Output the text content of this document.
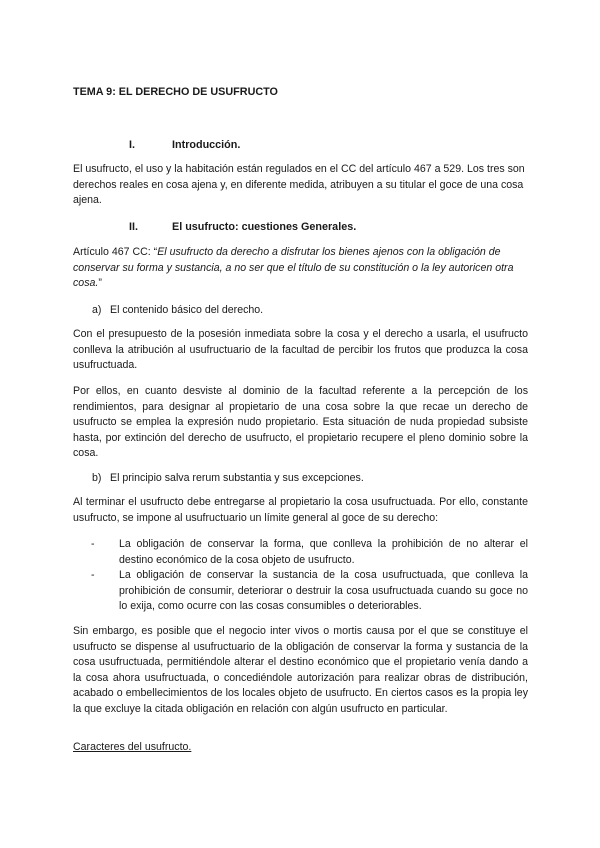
TEMA 9: EL DERECHO DE USUFRUCTO

I.	Introducción.

El usufructo, el uso y la habitación están regulados en el CC del artículo 467 a 529. Los tres son derechos reales en cosa ajena y, en diferente medida, atribuyen a su titular el goce de una cosa ajena.

II.	El usufructo: cuestiones Generales.

Artículo 467 CC: “El usufructo da derecho a disfrutar los bienes ajenos con la obligación de conservar su forma y sustancia, a no ser que el título de su constitución o la ley autoricen otra cosa.”

a) El contenido básico del derecho.

Con el presupuesto de la posesión inmediata sobre la cosa y el derecho a usarla, el usufructo conlleva la atribución al usufructuario de la facultad de percibir los frutos que produzca la cosa usufructuada.

Por ellos, en cuanto desviste al dominio de la facultad referente a la percepción de los rendimientos, para designar al propietario de una cosa sobre la que recae un derecho de usufructo se emplea la expresión nudo propietario. Esta situación de nuda propiedad subsiste hasta, por extinción del derecho de usufructo, el propietario recupere el pleno dominio sobre la cosa.

b) El principio salva rerum substantia y sus excepciones.

Al terminar el usufructo debe entregarse al propietario la cosa usufructuada. Por ello, constante usufructo, se impone al usufructuario un límite general al goce de su derecho:

- La obligación de conservar la forma, que conlleva la prohibición de no alterar el destino económico de la cosa objeto de usufructo.
- La obligación de conservar la sustancia de la cosa usufructuada, que conlleva la prohibición de consumir, deteriorar o destruir la cosa usufructuada cuando su goce no lo exija, como ocurre con las cosas consumibles o deteriorables.

Sin embargo, es posible que el negocio inter vivos o mortis causa por el que se constituye el usufructo se dispense al usufructuario de la obligación de conservar la forma y sustancia de la cosa usufructuada, permitiéndole alterar el destino económico que el propietario venía dando a la cosa ahora usufructuada, o concediéndole autorización para realizar obras de distribución, acabado o embellecimientos de los locales objeto de usufructo. En ciertos casos es la propia ley la que excluye la citada obligación en relación con algún usufructo en particular.

Caracteres del usufructo.
